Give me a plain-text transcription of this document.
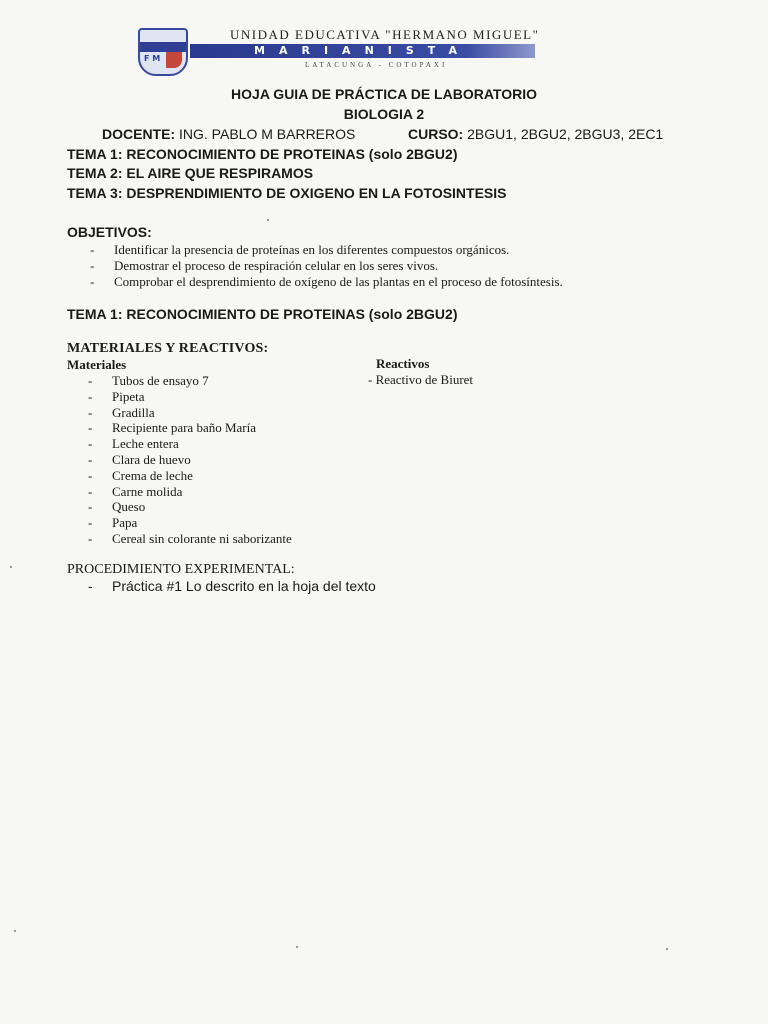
F M
UNIDAD EDUCATIVA "HERMANO MIGUEL"
MARIANISTA
LATACUNGA - COTOPAXI
HOJA GUIA DE PRÁCTICA DE LABORATORIO
BIOLOGIA 2
DOCENTE: ING. PABLO M BARREROS	CURSO: 2BGU1, 2BGU2, 2BGU3, 2EC1
TEMA 1: RECONOCIMIENTO DE PROTEINAS (solo 2BGU2)
TEMA 2: EL AIRE QUE RESPIRAMOS
TEMA 3: DESPRENDIMIENTO DE OXIGENO EN LA FOTOSINTESIS
OBJETIVOS:
- Identificar la presencia de proteínas en los diferentes compuestos orgánicos.
- Demostrar el proceso de respiración celular en los seres vivos.
- Comprobar el desprendimiento de oxígeno de las plantas en el proceso de fotosíntesis.
TEMA 1: RECONOCIMIENTO DE PROTEINAS (solo 2BGU2)
MATERIALES Y REACTIVOS:
Materiales
- Tubos de ensayo 7
- Pipeta
- Gradilla
- Recipiente para baño María
- Leche entera
- Clara de huevo
- Crema de leche
- Carne molida
- Queso
- Papa
- Cereal sin colorante ni saborizante
Reactivos
- Reactivo de Biuret
PROCEDIMIENTO EXPERIMENTAL:
- Práctica #1 Lo descrito en la hoja del texto
